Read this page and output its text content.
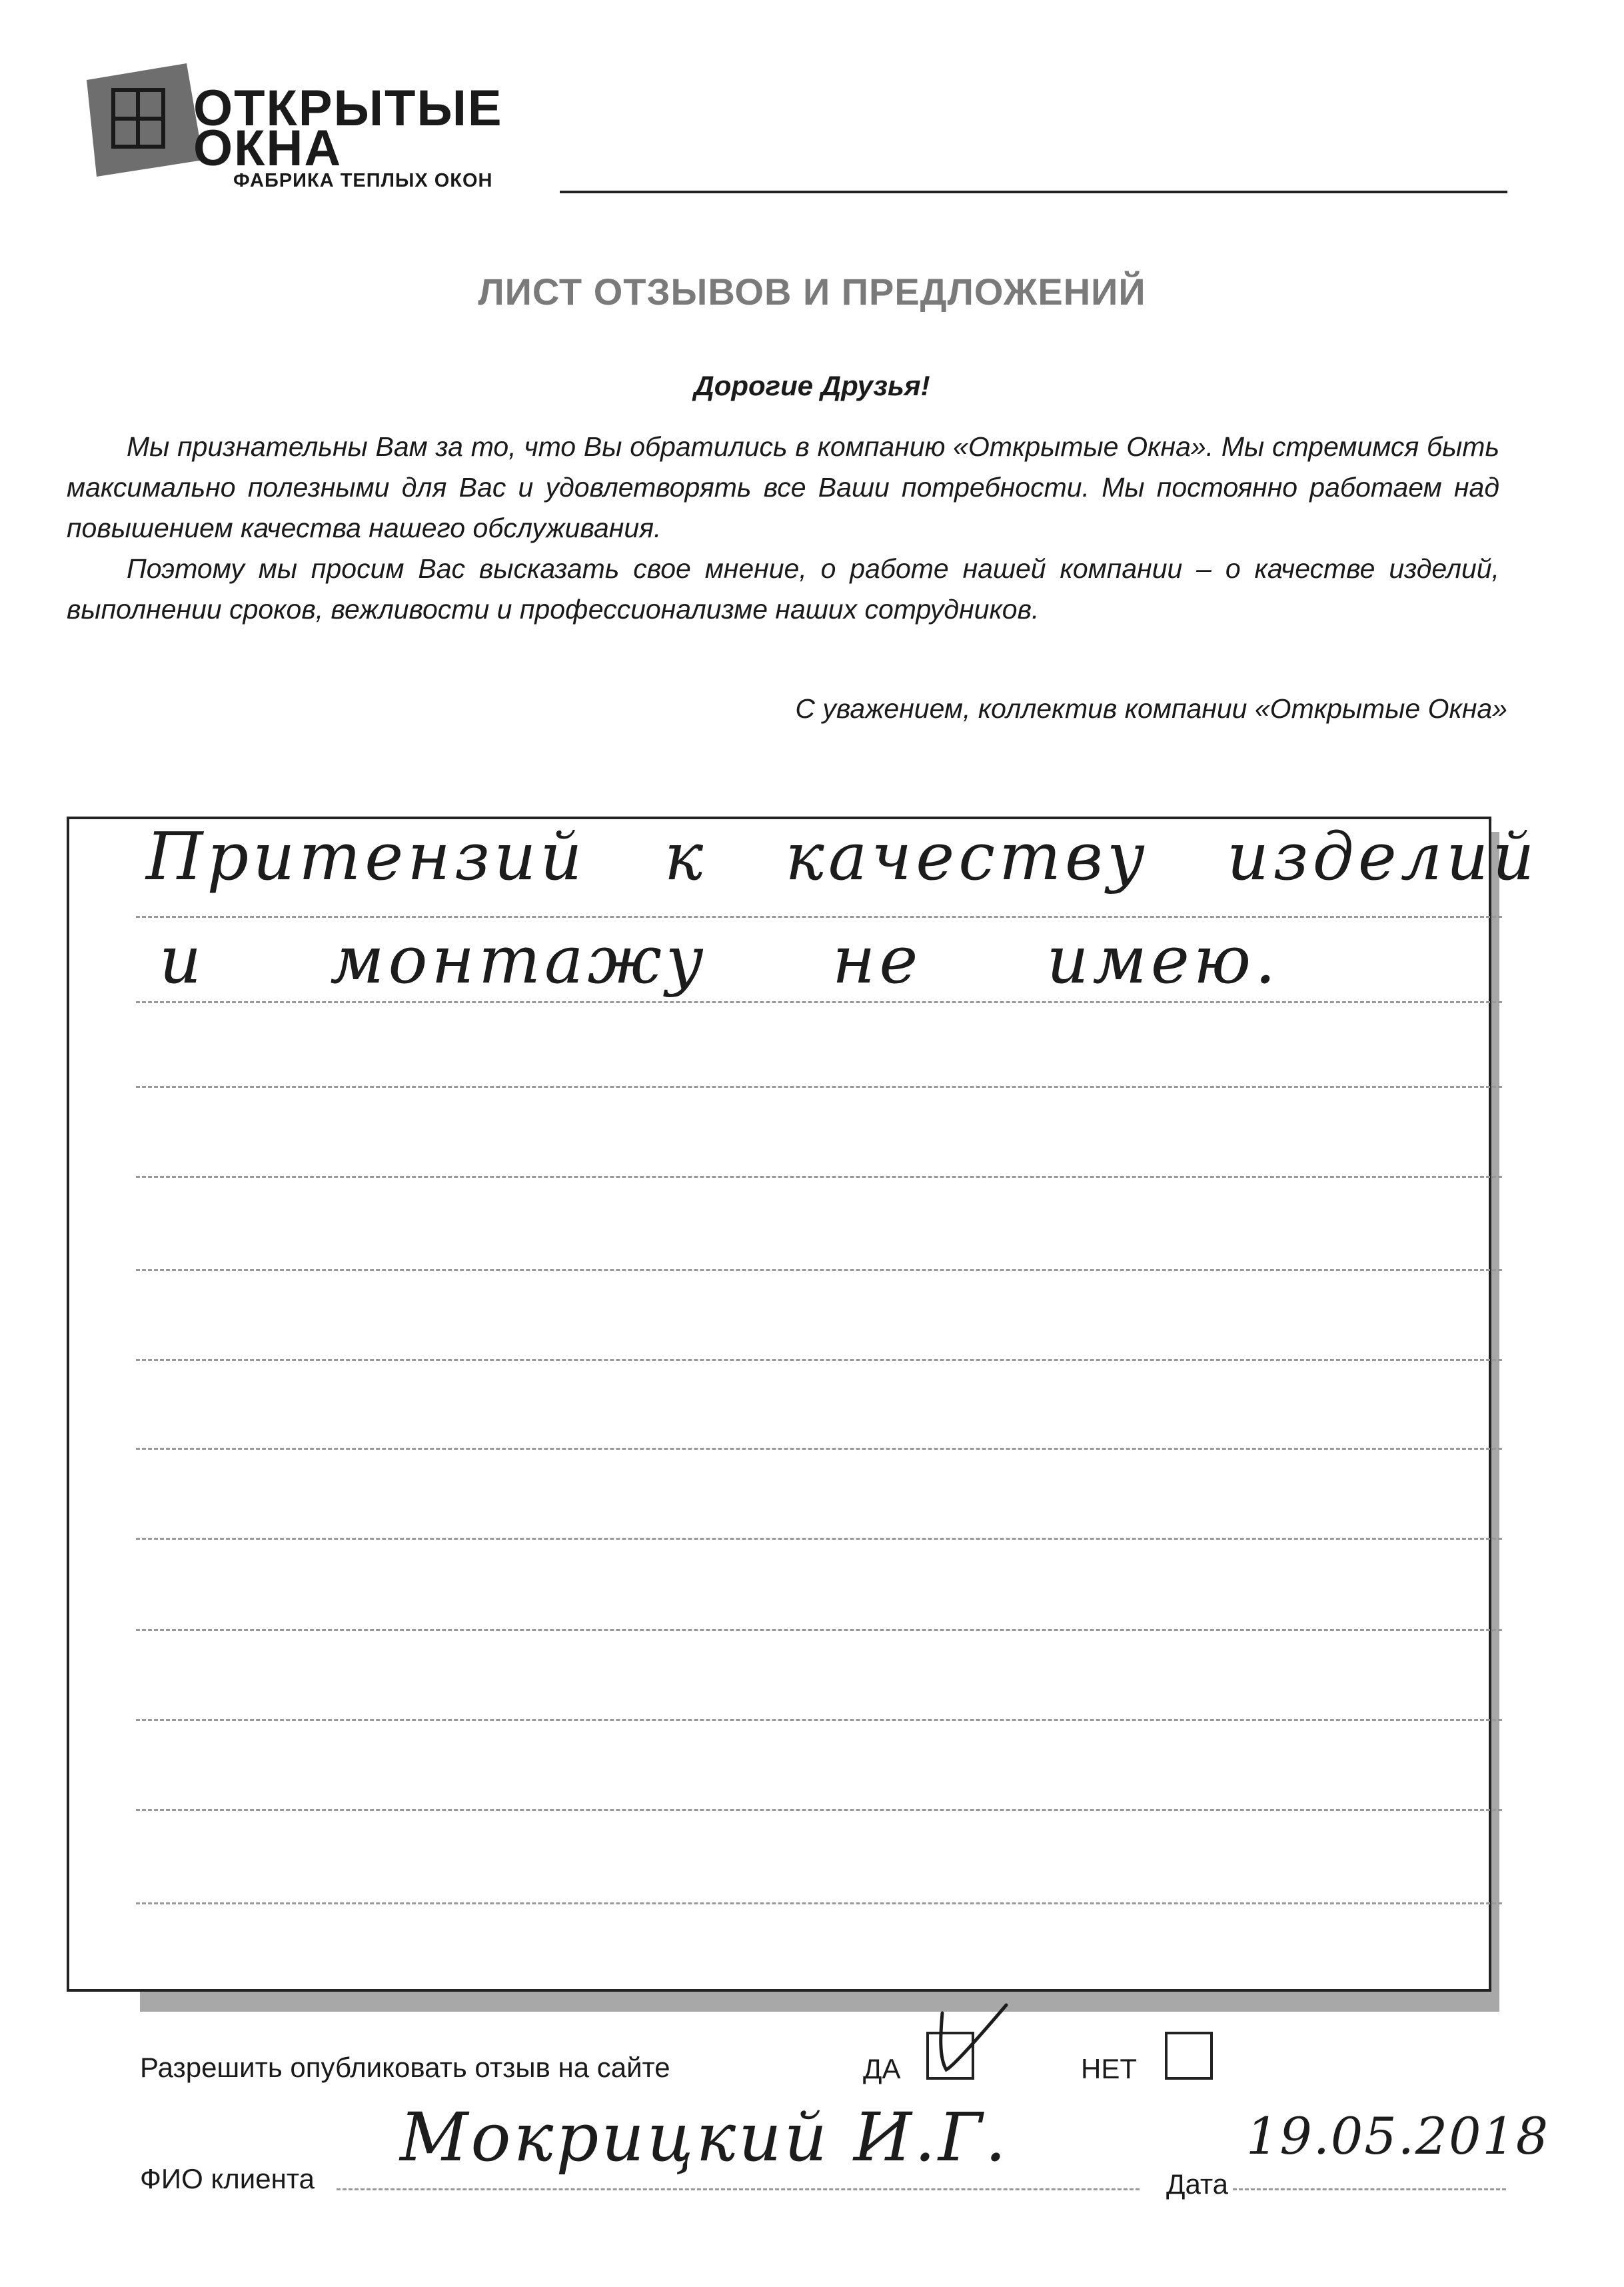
ОТКРЫТЫЕ
ОКНА
ФАБРИКА ТЕПЛЫХ ОКОН
ЛИСТ ОТЗЫВОВ И ПРЕДЛОЖЕНИЙ
Дорогие Друзья!

Мы признательны Вам за то, что Вы обратились в компанию «Открытые Окна». Мы стремимся быть максимально полезными для Вас и удовлетворять все Ваши потребности. Мы постоянно работаем над повышением качества нашего обслуживания.

Поэтому мы просим Вас высказать свое мнение, о работе нашей компании – о качестве изделий, выполнении сроков, вежливости и профессионализме наших сотрудников.

С уважением, коллектив компании «Открытые Окна»
Притензий к качеству изделий
и монтажу не имею.
Разрешить опубликовать отзыв на сайте	ДА	НЕТ
ФИО клиента
Мокрицкий И.Г.
Дата
19.05.2018
